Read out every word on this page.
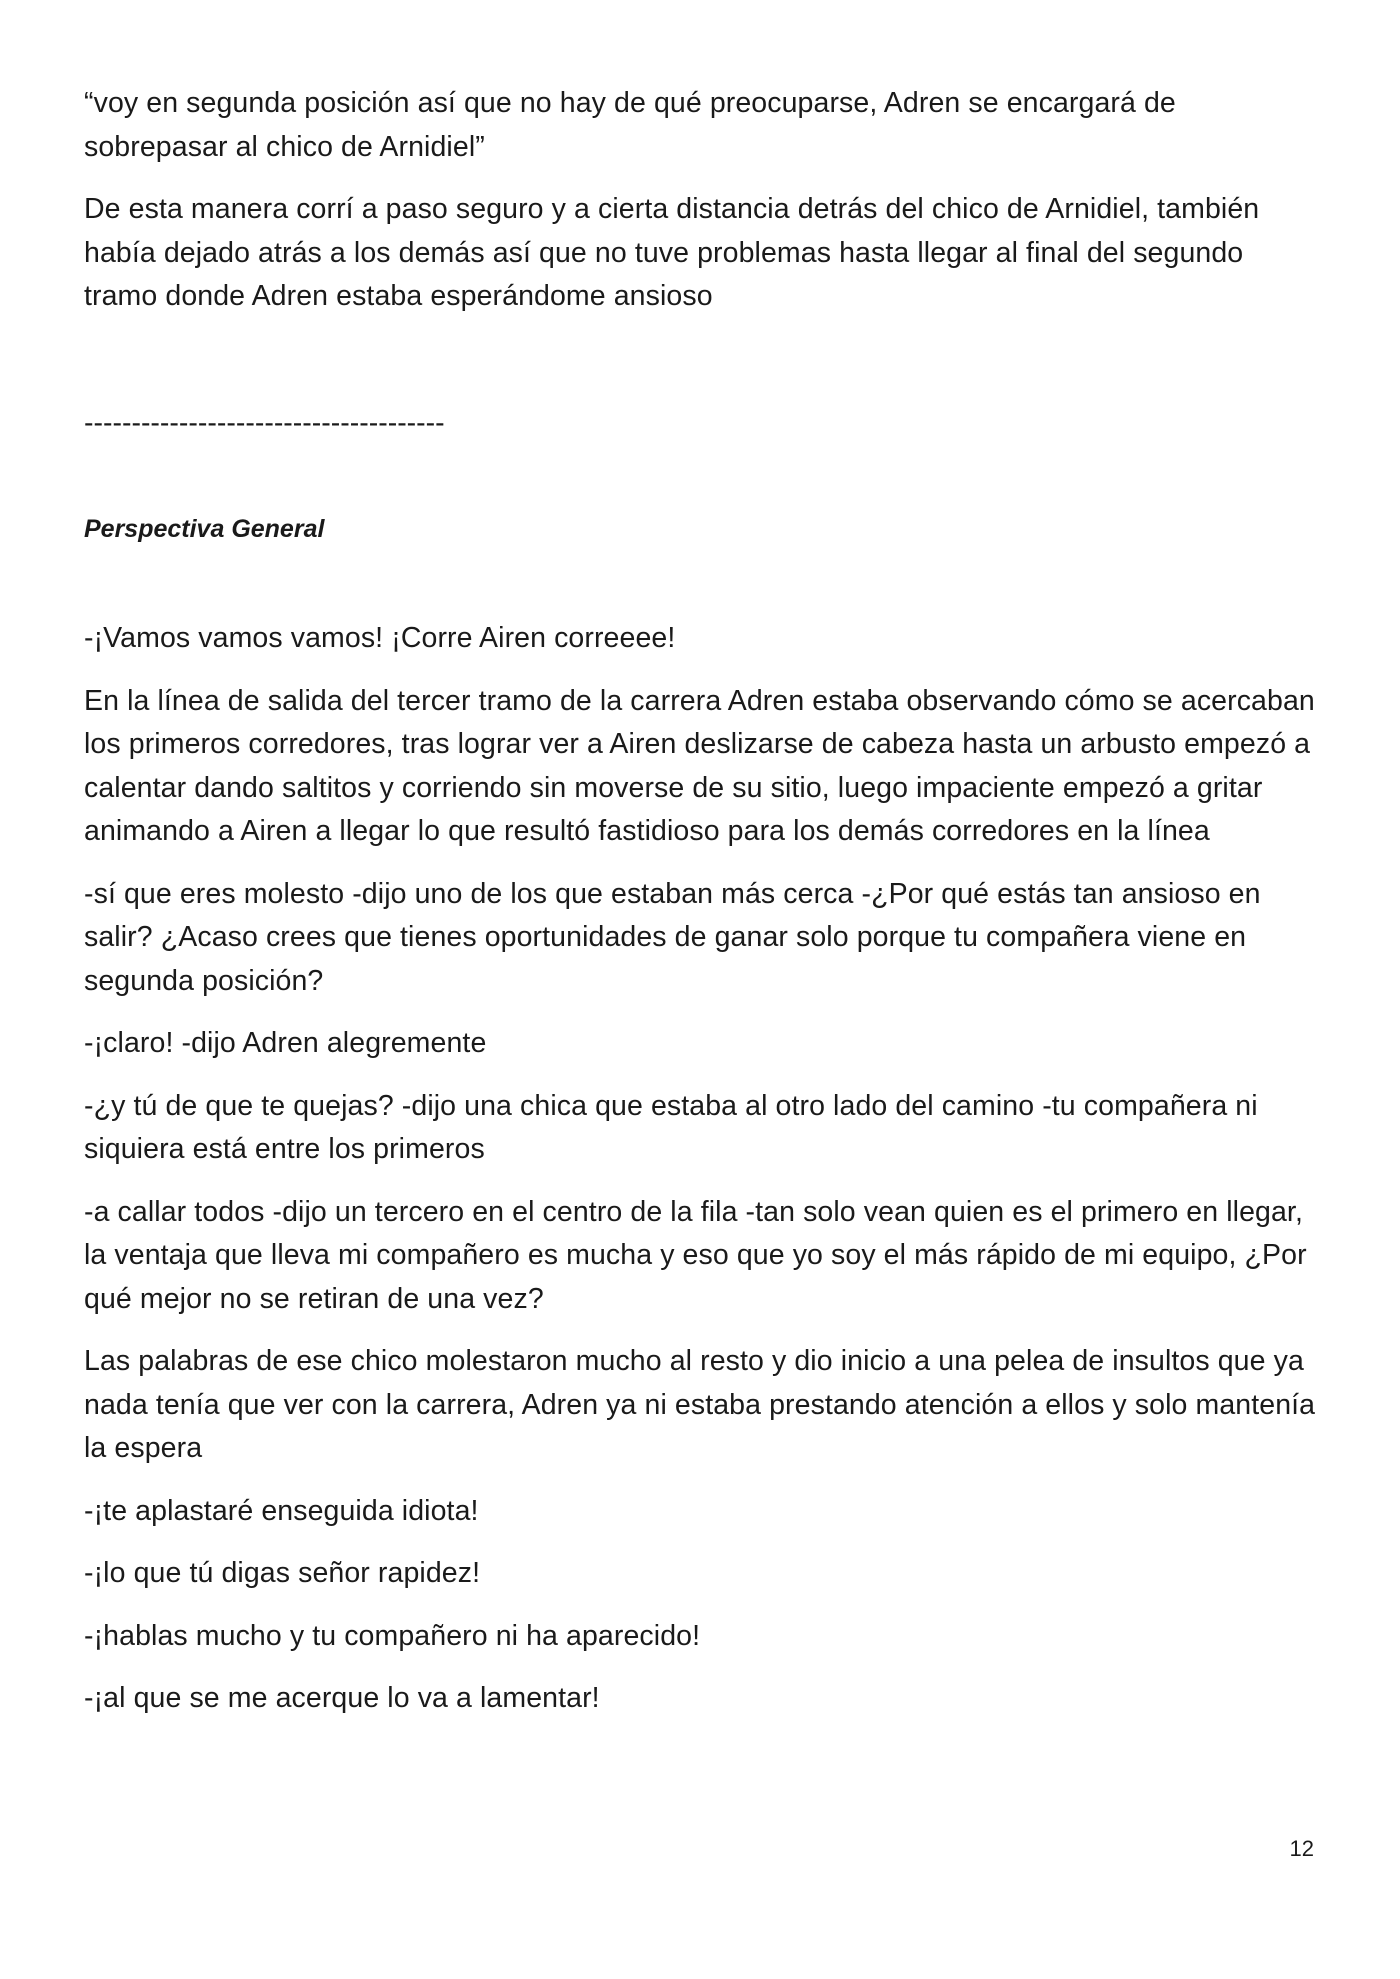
“voy en segunda posición así que no hay de qué preocuparse, Adren se encargará de sobrepasar al chico de Arnidiel”

De esta manera corrí a paso seguro y a cierta distancia detrás del chico de Arnidiel, también había dejado atrás a los demás así que no tuve problemas hasta llegar al final del segundo tramo donde Adren estaba esperándome ansioso

--------------------------------------
Perspectiva General

-¡Vamos vamos vamos! ¡Corre Airen correeee!

En la línea de salida del tercer tramo de la carrera Adren estaba observando cómo se acercaban los primeros corredores, tras lograr ver a Airen deslizarse de cabeza hasta un arbusto empezó a calentar dando saltitos y corriendo sin moverse de su sitio, luego impaciente empezó a gritar animando a Airen a llegar lo que resultó fastidioso para los demás corredores en la línea

-sí que eres molesto -dijo uno de los que estaban más cerca -¿Por qué estás tan ansioso en salir? ¿Acaso crees que tienes oportunidades de ganar solo porque tu compañera viene en segunda posición?

-¡claro! -dijo Adren alegremente

-¿y tú de que te quejas? -dijo una chica que estaba al otro lado del camino -tu compañera ni siquiera está entre los primeros

-a callar todos -dijo un tercero en el centro de la fila -tan solo vean quien es el primero en llegar, la ventaja que lleva mi compañero es mucha y eso que yo soy el más rápido de mi equipo, ¿Por qué mejor no se retiran de una vez?

Las palabras de ese chico molestaron mucho al resto y dio inicio a una pelea de insultos que ya nada tenía que ver con la carrera, Adren ya ni estaba prestando atención a ellos y solo mantenía la espera

-¡te aplastaré enseguida idiota!

-¡lo que tú digas señor rapidez!

-¡hablas mucho y tu compañero ni ha aparecido!

-¡al que se me acerque lo va a lamentar!

12
